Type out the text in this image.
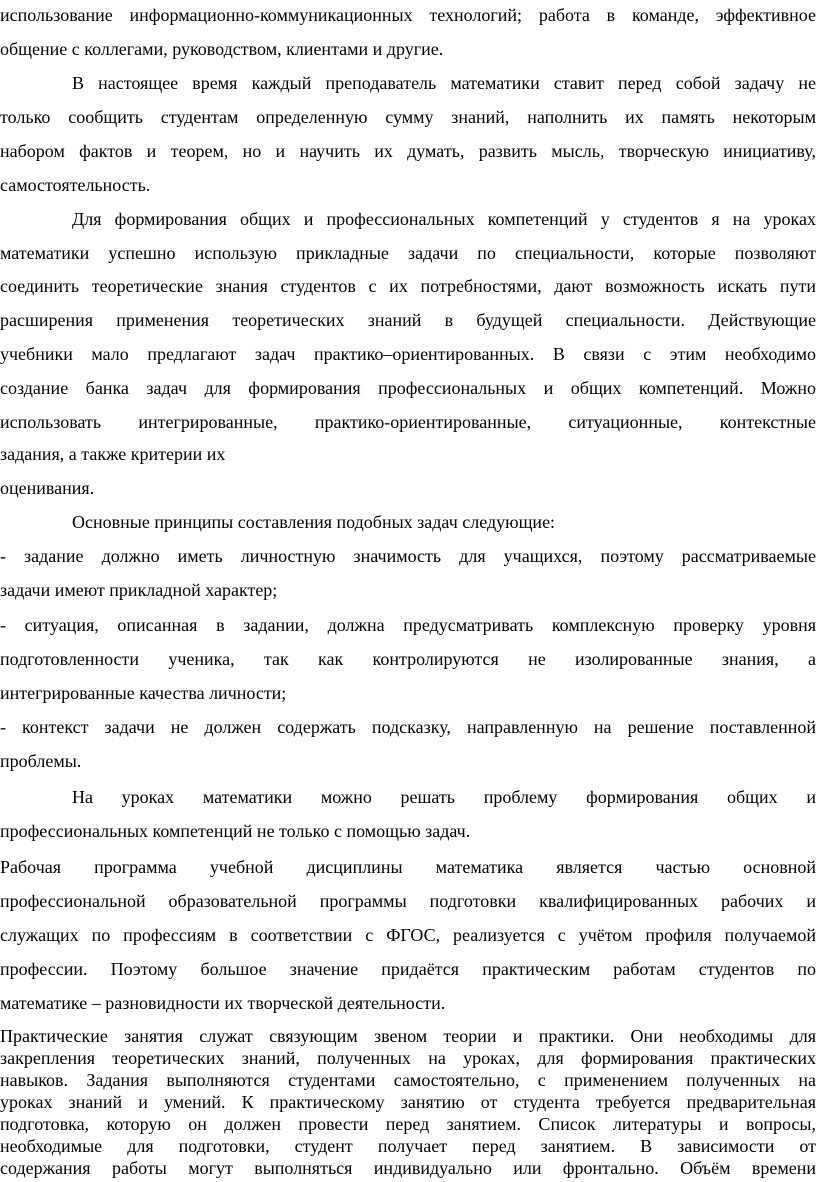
использование информационно-коммуникационных технологий; работа в команде, эффективное
общение с коллегами, руководством, клиентами и другие.
В настоящее время каждый преподаватель математики ставит перед собой задачу не
только сообщить студентам определенную сумму знаний, наполнить их память некоторым
набором фактов и теорем, но и научить их думать, развить мысль, творческую инициативу,
самостоятельность.
Для формирования общих и профессиональных компетенций у студентов я на уроках
математики успешно использую прикладные задачи по специальности, которые позволяют
соединить теоретические знания студентов с их потребностями, дают возможность искать пути
расширения применения теоретических знаний в будущей специальности. Действующие
учебники мало предлагают задач практико–ориентированных. В связи с этим необходимо
создание банка задач для формирования профессиональных и общих компетенций. Можно
использовать интегрированные, практико-ориентированные, ситуационные, контекстные
задания, а также критерии их
оценивания.
Основные принципы составления подобных задач следующие:
- задание должно иметь личностную значимость для учащихся, поэтому рассматриваемые
задачи имеют прикладной характер;
- ситуация, описанная в задании, должна предусматривать комплексную проверку уровня
подготовленности ученика, так как контролируются не изолированные знания, а
интегрированные качества личности;
- контекст задачи не должен содержать подсказку, направленную на решение поставленной
проблемы.
На уроках математики можно решать проблему формирования общих и
профессиональных компетенций не только с помощью задач.
Рабочая программа учебной дисциплины математика является частью основной
профессиональной образовательной программы подготовки квалифицированных рабочих и
служащих по профессиям в соответствии с ФГОС, реализуется с учётом профиля получаемой
профессии. Поэтому большое значение придаётся практическим работам студентов по
математике – разновидности их творческой деятельности.
Практические занятия служат связующим звеном теории и практики. Они необходимы для
закрепления теоретических знаний, полученных на уроках, для формирования практических
навыков. Задания выполняются студентами самостоятельно, с применением полученных на
уроках знаний и умений. К практическому занятию от студента требуется предварительная
подготовка, которую он должен провести перед занятием. Список литературы и вопросы,
необходимые для подготовки, студент получает перед занятием. В зависимости от
содержания работы могут выполняться индивидуально или фронтально. Объём времени
